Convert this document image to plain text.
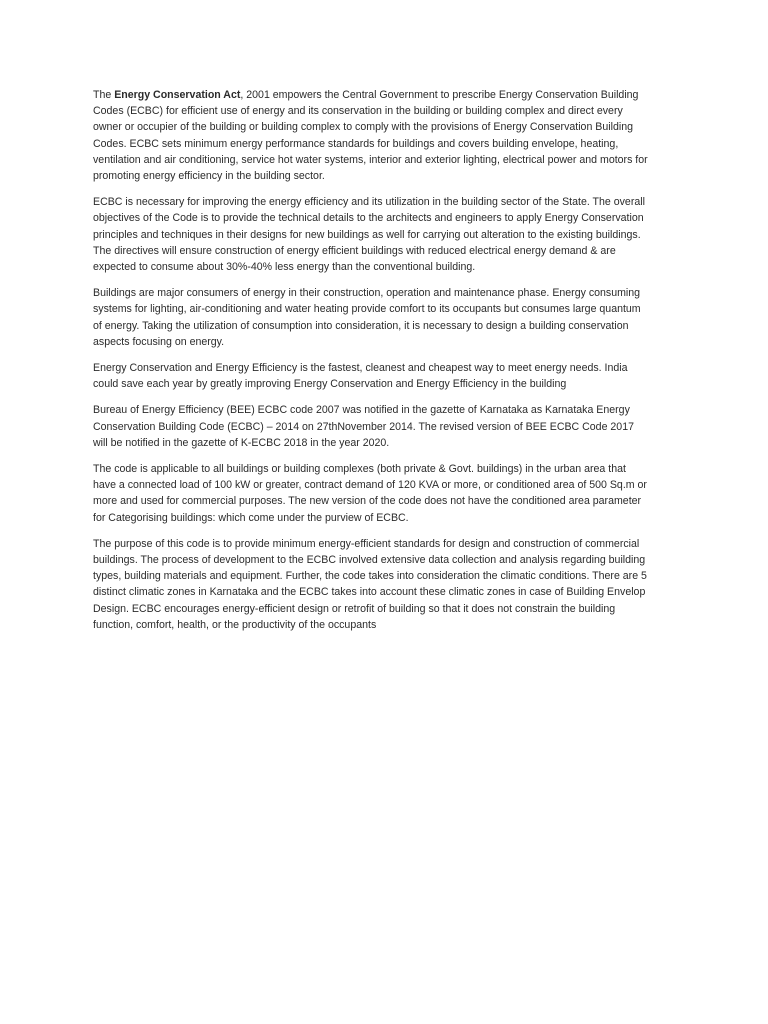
The Energy Conservation Act, 2001 empowers the Central Government to prescribe Energy Conservation Building Codes (ECBC) for efficient use of energy and its conservation in the building or building complex and direct every owner or occupier of the building or building complex to comply with the provisions of Energy Conservation Building Codes. ECBC sets minimum energy performance standards for buildings and covers building envelope, heating, ventilation and air conditioning, service hot water systems, interior and exterior lighting, electrical power and motors for promoting energy efficiency in the building sector.

ECBC is necessary for improving the energy efficiency and its utilization in the building sector of the State. The overall objectives of the Code is to provide the technical details to the architects and engineers to apply Energy Conservation principles and techniques in their designs for new buildings as well for carrying out alteration to the existing buildings. The directives will ensure construction of energy efficient buildings with reduced electrical energy demand & are expected to consume about 30%-40% less energy than the conventional building.

Buildings are major consumers of energy in their construction, operation and maintenance phase. Energy consuming systems for lighting, air-conditioning and water heating provide comfort to its occupants but consumes large quantum of energy. Taking the utilization of consumption into consideration, it is necessary to design a building conservation aspects focusing on energy.

Energy Conservation and Energy Efficiency is the fastest, cleanest and cheapest way to meet energy needs. India could save each year by greatly improving Energy Conservation and Energy Efficiency in the building

Bureau of Energy Efficiency (BEE) ECBC code 2007 was notified in the gazette of Karnataka as Karnataka Energy Conservation Building Code (ECBC) – 2014 on 27thNovember 2014. The revised version of BEE ECBC Code 2017 will be notified in the gazette of K-ECBC 2018 in the year 2020.

The code is applicable to all buildings or building complexes (both private & Govt. buildings) in the urban area that have a connected load of 100 kW or greater, contract demand of 120 KVA or more, or conditioned area of 500 Sq.m or more and used for commercial purposes. The new version of the code does not have the conditioned area parameter for Categorising buildings: which come under the purview of ECBC.

The purpose of this code is to provide minimum energy-efficient standards for design and construction of commercial buildings. The process of development to the ECBC involved extensive data collection and analysis regarding building types, building materials and equipment. Further, the code takes into consideration the climatic conditions. There are 5 distinct climatic zones in Karnataka and the ECBC takes into account these climatic zones in case of Building Envelop Design. ECBC encourages energy-efficient design or retrofit of building so that it does not constrain the building function, comfort, health, or the productivity of the occupants
